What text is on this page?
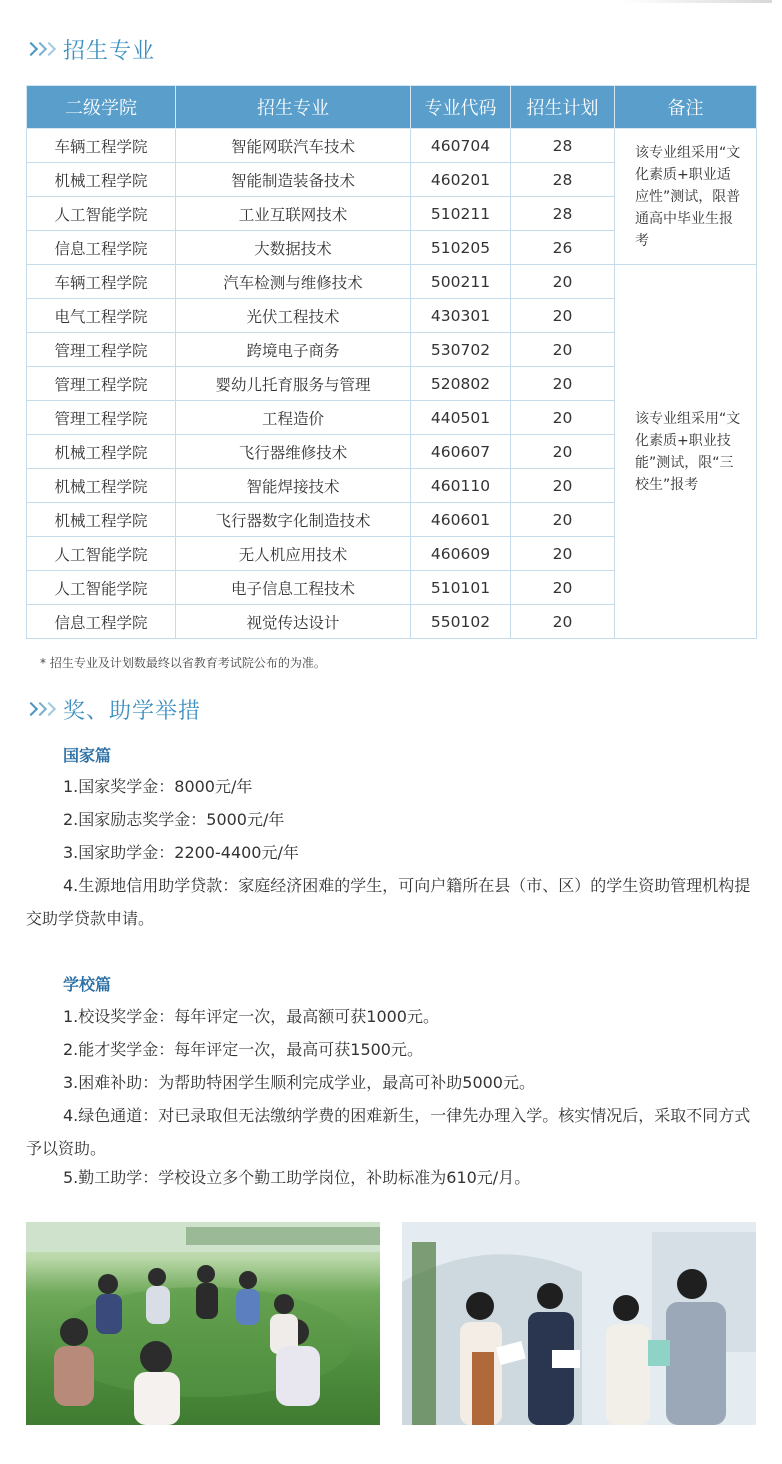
招生专业
二级学院	招生专业	专业代码	招生计划	备注
车辆工程学院	智能网联汽车技术	460704	28	该专业组采用“文化素质+职业适应性”测试，限普通高中毕业生报考
机械工程学院	智能制造装备技术	460201	28	
人工智能学院	工业互联网技术	510211	28	
信息工程学院	大数据技术	510205	26	
车辆工程学院	汽车检测与维修技术	500211	20	该专业组采用“文化素质+职业技能”测试，限“三校生”报考
电气工程学院	光伏工程技术	430301	20	
管理工程学院	跨境电子商务	530702	20	
管理工程学院	婴幼儿托育服务与管理	520802	20	
管理工程学院	工程造价	440501	20	
机械工程学院	飞行器维修技术	460607	20	
机械工程学院	智能焊接技术	460110	20	
机械工程学院	飞行器数字化制造技术	460601	20	
人工智能学院	无人机应用技术	460609	20	
人工智能学院	电子信息工程技术	510101	20	
信息工程学院	视觉传达设计	550102	20	
* 招生专业及计划数最终以省教育考试院公布的为准。
奖、助学举措
国家篇
1.国家奖学金：8000元/年
2.国家励志奖学金：5000元/年
3.国家助学金：2200-4400元/年
4.生源地信用助学贷款：家庭经济困难的学生，可向户籍所在县（市、区）的学生资助管理机构提交助学贷款申请。
学校篇
1.校设奖学金：每年评定一次，最高额可获1000元。
2.能才奖学金：每年评定一次，最高可获1500元。
3.困难补助：为帮助特困学生顺利完成学业，最高可补助5000元。
4.绿色通道：对已录取但无法缴纳学费的困难新生，一律先办理入学。核实情况后，采取不同方式予以资助。
5.勤工助学：学校设立多个勤工助学岗位，补助标准为610元/月。
